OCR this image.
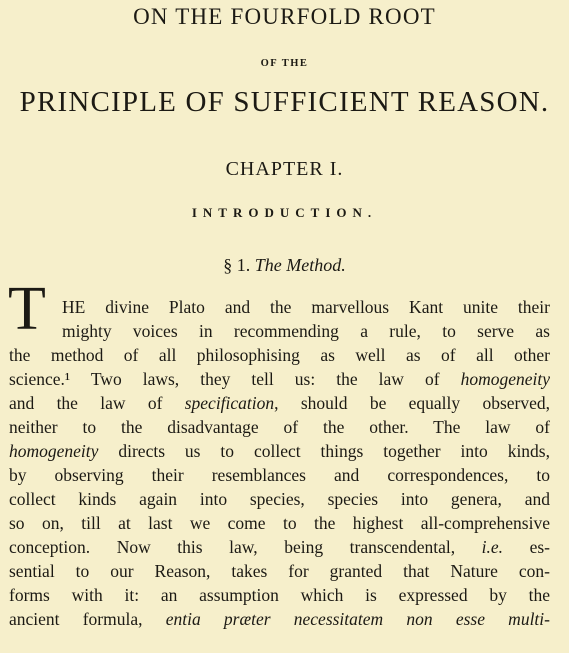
ON THE FOURFOLD ROOT
OF THE
PRINCIPLE OF SUFFICIENT REASON.
CHAPTER I.
INTRODUCTION.
§ 1. The Method.
T HE divine Plato and the marvellous Kant unite their
mighty voices in recommending a rule, to serve as
the method of all philosophising as well as of all other
science.¹ Two laws, they tell us: the law of homogeneity
and the law of specification, should be equally observed,
neither to the disadvantage of the other. The law of
homogeneity directs us to collect things together into kinds,
by observing their resemblances and correspondences, to
collect kinds again into species, species into genera, and
so on, till at last we come to the highest all-comprehensive
conception. Now this law, being transcendental, i.e. es-
sential to our Reason, takes for granted that Nature con-
forms with it: an assumption which is expressed by the
ancient formula, entia præter necessitatem non esse multi-
